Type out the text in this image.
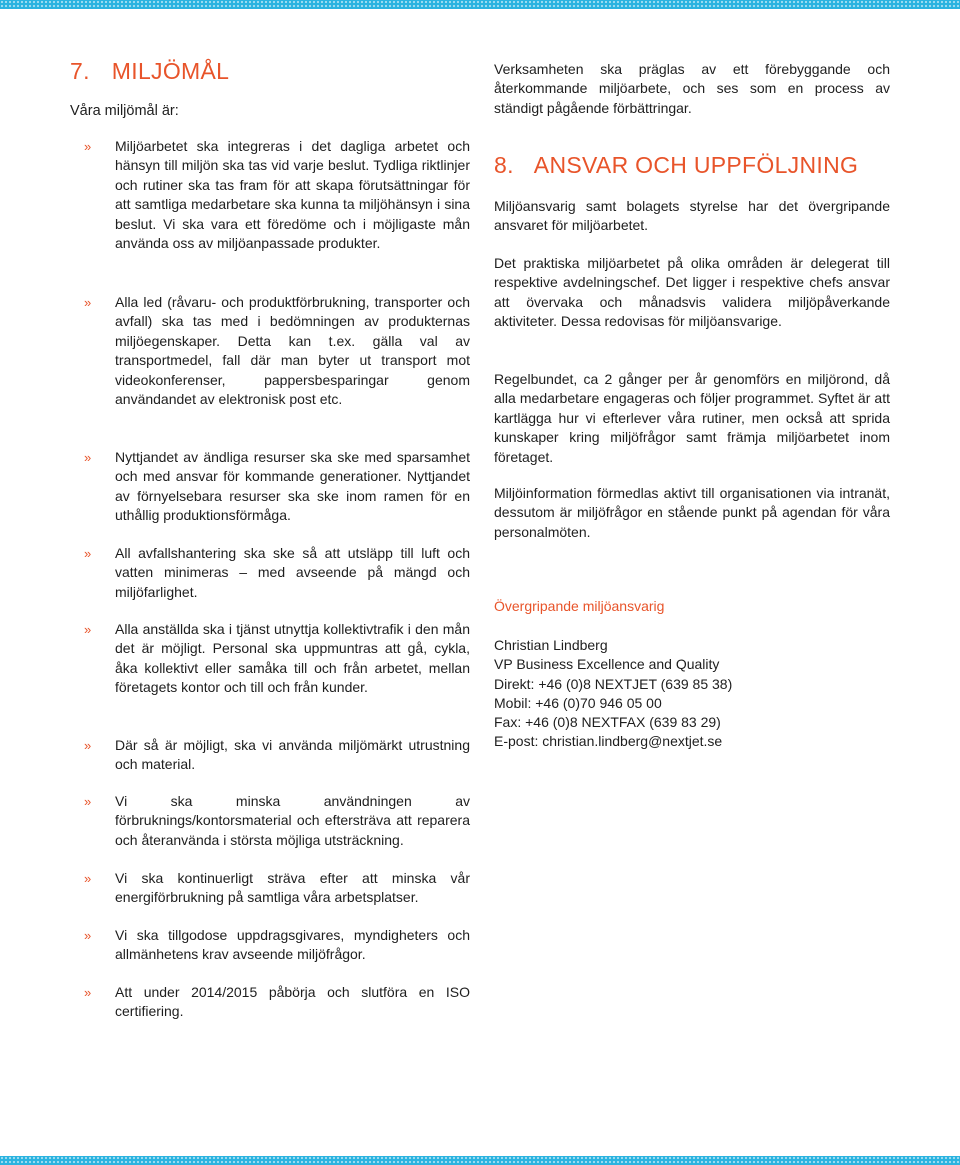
7. MILJÖMÅL

Våra miljömål är:

» Miljöarbetet ska integreras i det dagliga arbetet och hänsyn till miljön ska tas vid varje beslut. Tydliga riktlinjer och rutiner ska tas fram för att skapa förutsättningar för att samtliga medarbetare ska kunna ta miljöhänsyn i sina beslut. Vi ska vara ett föredöme och i möjligaste mån använda oss av miljöanpassade produkter.
» Alla led (råvaru- och produktförbrukning, transporter och avfall) ska tas med i bedömningen av produkternas miljöegenskaper. Detta kan t.ex. gälla val av transportmedel, fall där man byter ut transport mot videokonferenser, pappersbesparingar genom användandet av elektronisk post etc.
» Nyttjandet av ändliga resurser ska ske med sparsamhet och med ansvar för kommande generationer. Nyttjandet av förnyelsebara resurser ska ske inom ramen för en uthållig produktionsförmåga.
» All avfallshantering ska ske så att utsläpp till luft och vatten minimeras – med avseende på mängd och miljöfarlighet.
» Alla anställda ska i tjänst utnyttja kollektivtrafik i den mån det är möjligt. Personal ska uppmuntras att gå, cykla, åka kollektivt eller samåka till och från arbetet, mellan företagets kontor och till och från kunder.
» Där så är möjligt, ska vi använda miljömärkt utrustning och material.
» Vi ska minska användningen av förbruknings/kontorsmaterial och eftersträva att reparera och återanvända i största möjliga utsträckning.
» Vi ska kontinuerligt sträva efter att minska vår energiförbrukning på samtliga våra arbetsplatser.
» Vi ska tillgodose uppdragsgivares, myndigheters och allmänhetens krav avseende miljöfrågor.
» Att under 2014/2015 påbörja och slutföra en ISO certifiering.

Verksamheten ska präglas av ett förebyggande och återkommande miljöarbete, och ses som en process av ständigt pågående förbättringar.

8. ANSVAR OCH UPPFÖLJNING

Miljöansvarig samt bolagets styrelse har det övergripande ansvaret för miljöarbetet.

Det praktiska miljöarbetet på olika områden är delegerat till respektive avdelningschef. Det ligger i respektive chefs ansvar att övervaka och månadsvis validera miljöpåverkande aktiviteter. Dessa redovisas för miljöansvarige.

Regelbundet, ca 2 gånger per år genomförs en miljörond, då alla medarbetare engageras och följer programmet. Syftet är att kartlägga hur vi efterlever våra rutiner, men också att sprida kunskaper kring miljöfrågor samt främja miljöarbetet inom företaget.

Miljöinformation förmedlas aktivt till organisationen via intranät, dessutom är miljöfrågor en stående punkt på agendan för våra personalmöten.

Övergripande miljöansvarig
Christian Lindberg
VP Business Excellence and Quality
Direkt: +46 (0)8 NEXTJET (639 85 38)
Mobil: +46 (0)70 946 05 00
Fax: +46 (0)8 NEXTFAX (639 83 29)
E-post: christian.lindberg@nextjet.se
